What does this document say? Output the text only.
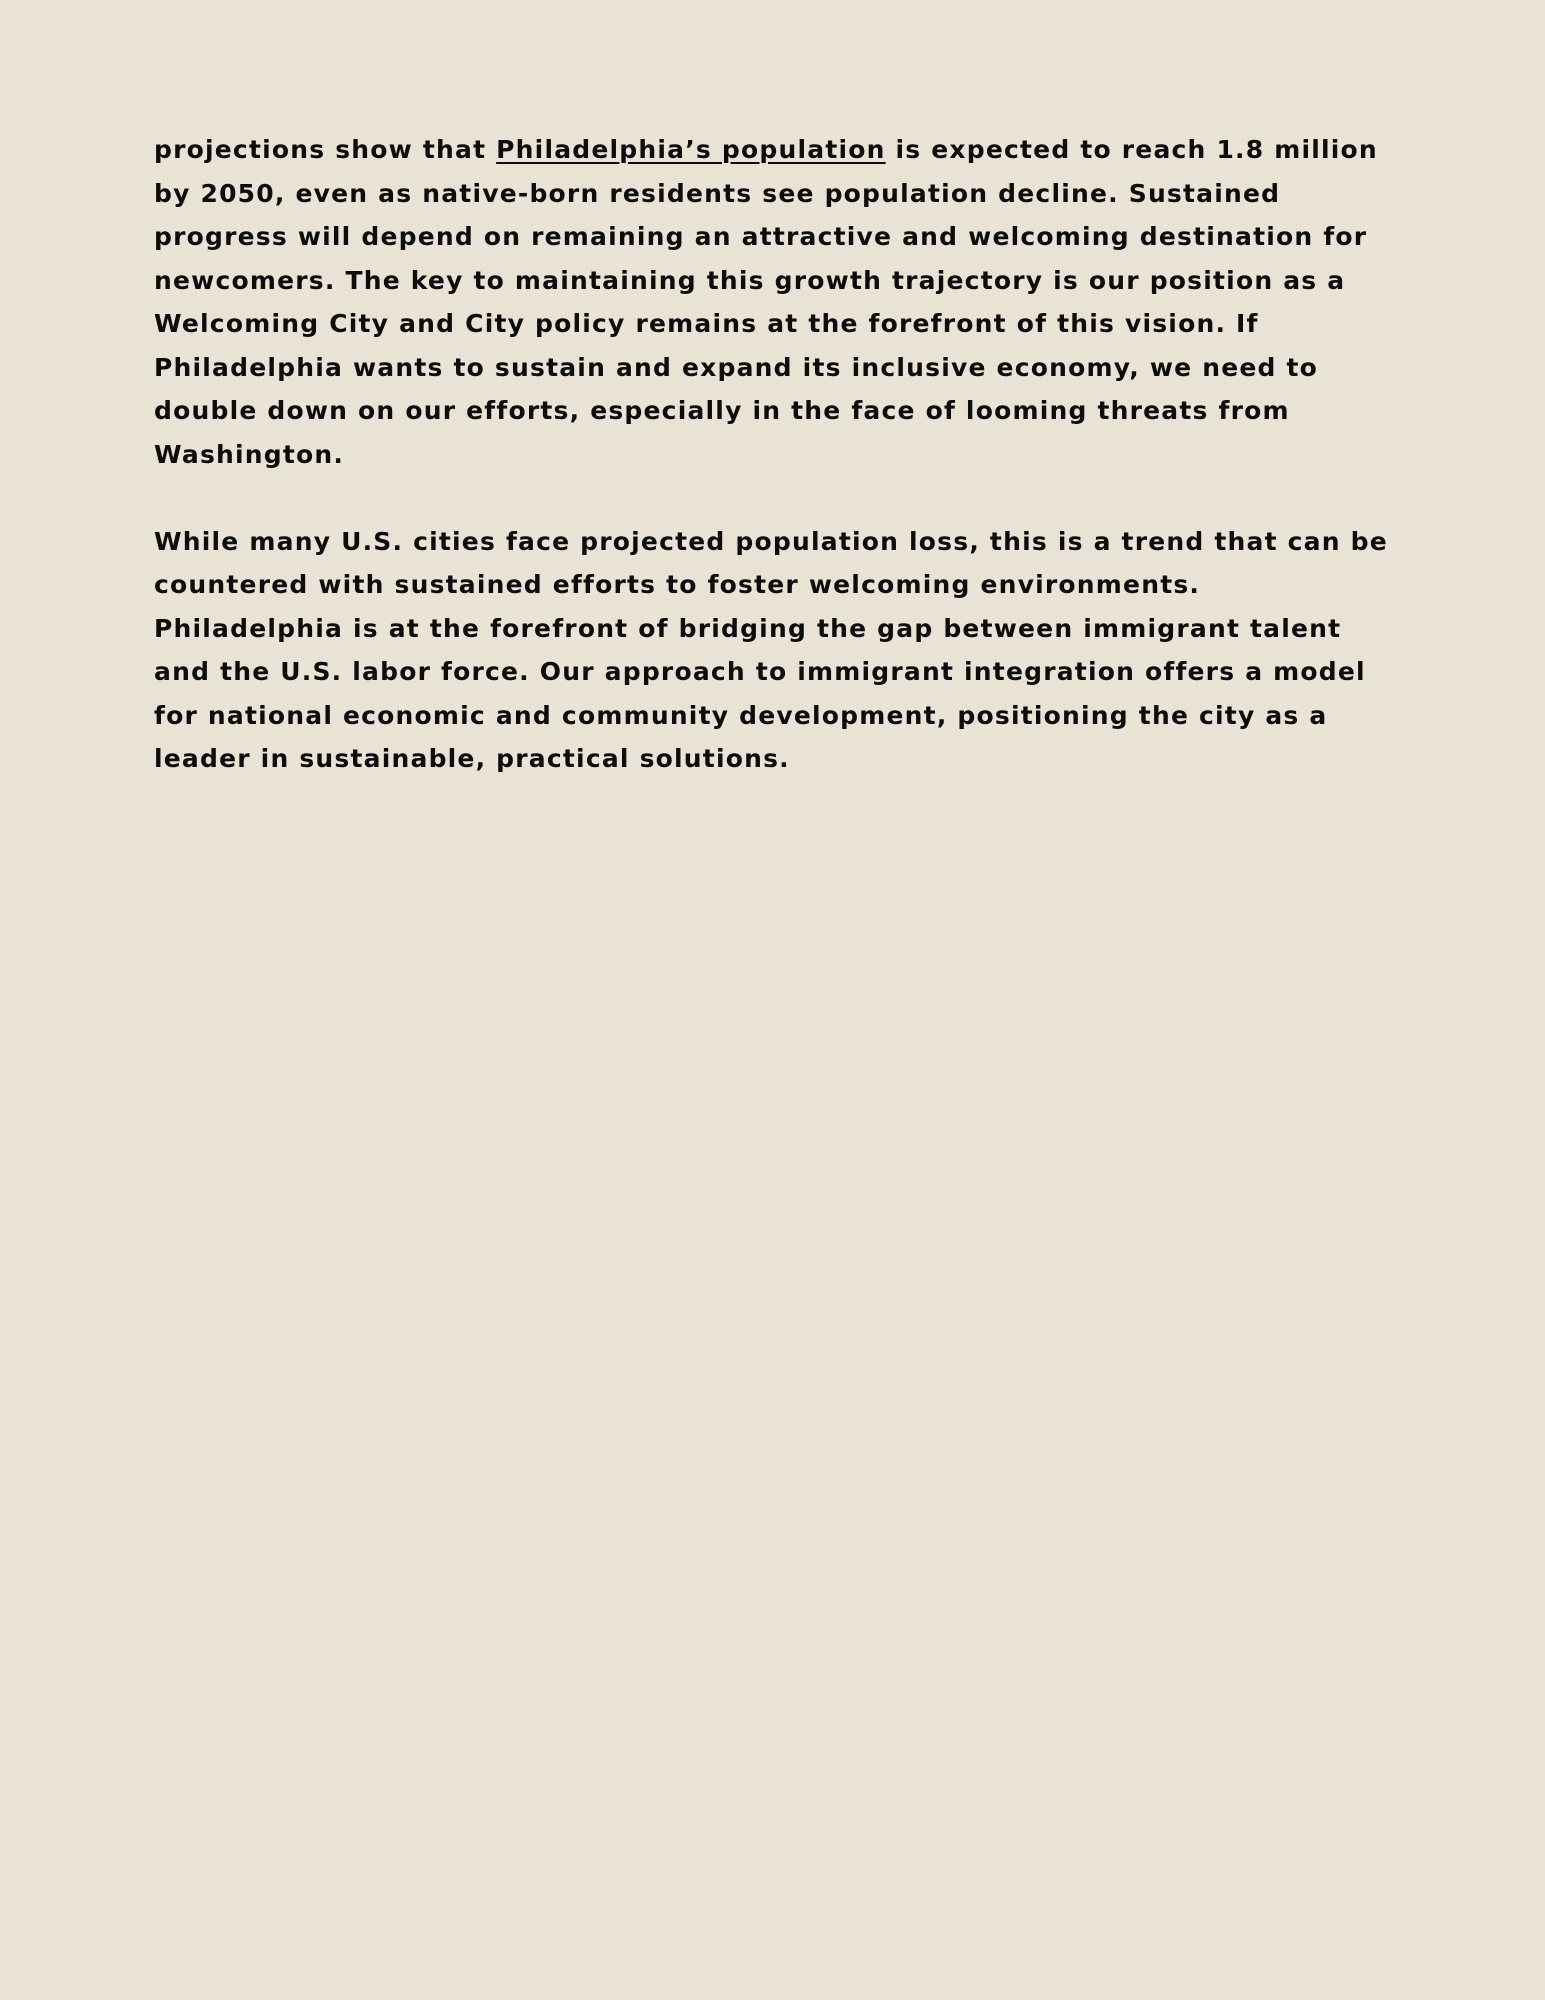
projections show that Philadelphia’s population is expected to reach 1.8 million by 2050, even as native-born residents see population decline. Sustained progress will depend on remaining an attractive and welcoming destination for newcomers. The key to maintaining this growth trajectory is our position as a Welcoming City and City policy remains at the forefront of this vision. If Philadelphia wants to sustain and expand its inclusive economy, we need to double down on our efforts, especially in the face of looming threats from Washington.

While many U.S. cities face projected population loss, this is a trend that can be countered with sustained efforts to foster welcoming environments. Philadelphia is at the forefront of bridging the gap between immigrant talent and the U.S. labor force. Our approach to immigrant integration offers a model for national economic and community development, positioning the city as a leader in sustainable, practical solutions.
